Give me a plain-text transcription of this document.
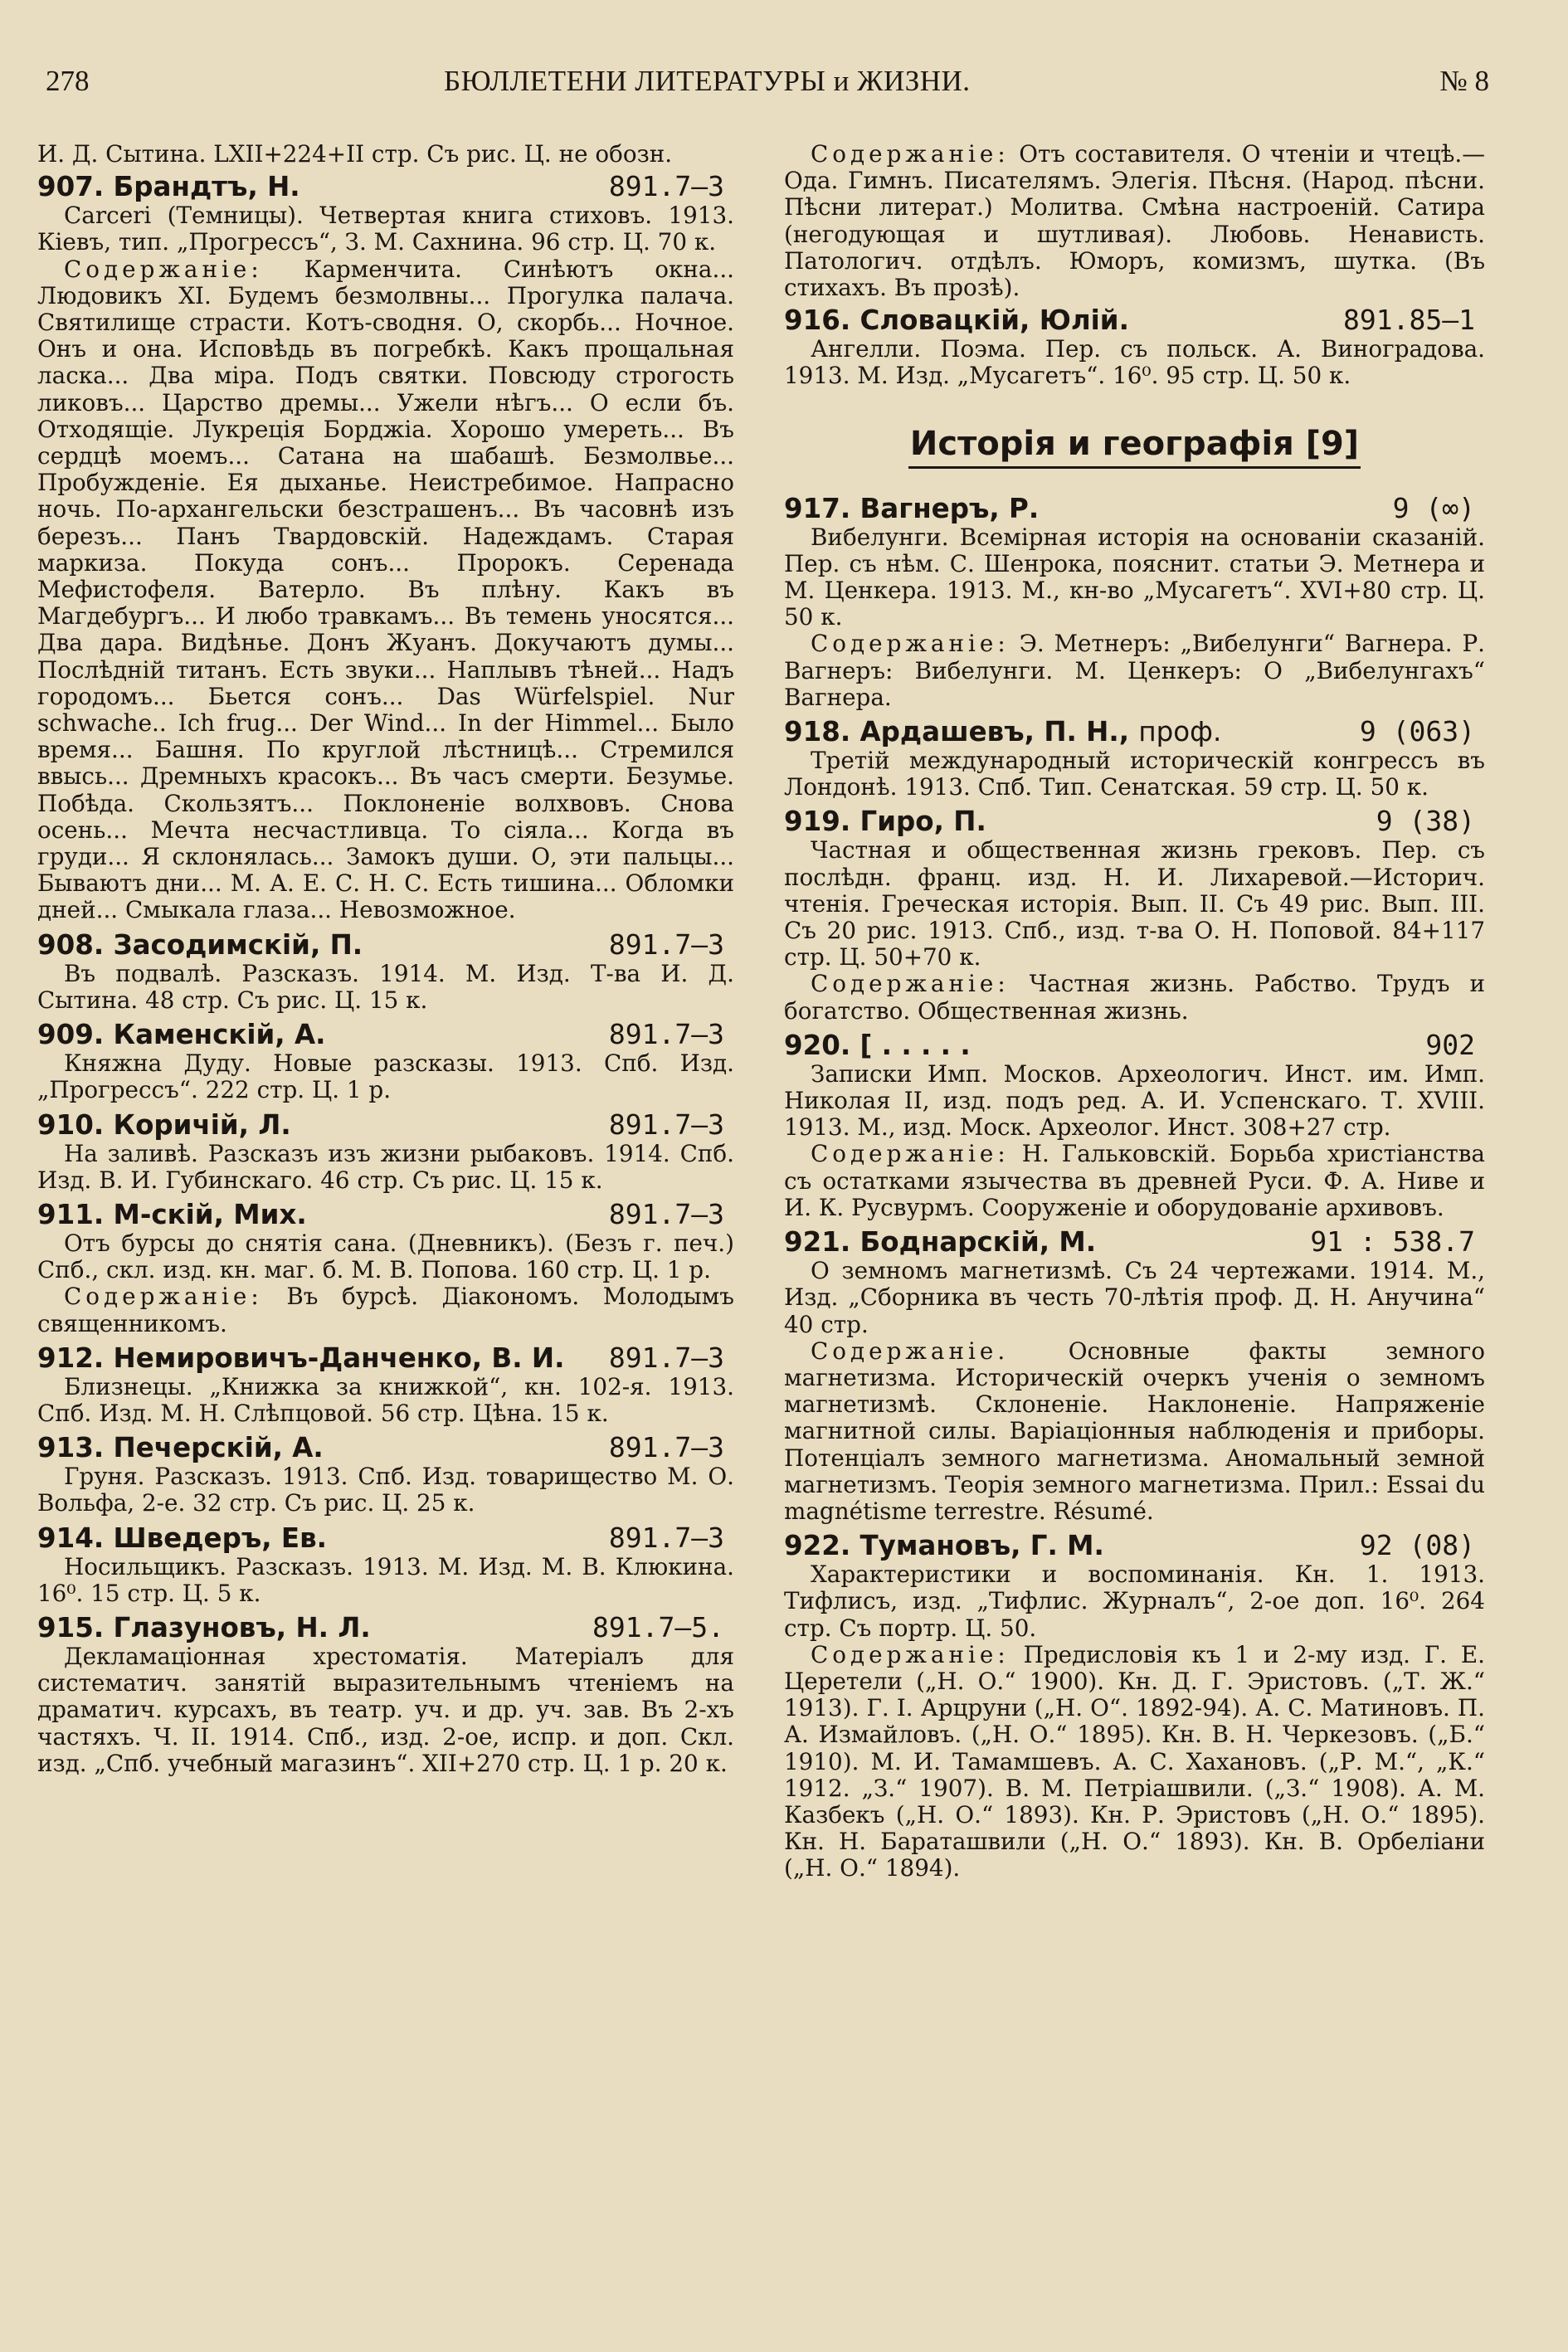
278	БЮЛЛЕТЕНИ ЛИТЕРАТУРЫ и ЖИЗНИ.	№ 8
И. Д. Сытина. LXII+224+II стр. Съ рис. Ц. не обозн.
907. Брандтъ, Н.	891.7—3
Carceri (Темницы). Четвертая книга стиховъ. 1913. Кіевъ, тип. „Прогрессъ“, З. М. Сахнина. 96 стр. Ц. 70 к.
Содержаніе: Карменчита. Синѣютъ окна... Людовикъ XI. Будемъ безмолвны... Прогулка палача. Святилище страсти. Котъ-сводня. О, скорбь... Ночное. Онъ и она. Исповѣдь въ погребкѣ. Какъ прощальная ласка... Два міра. Подъ святки. Повсюду строгость ликовъ... Царство дремы... Ужели нѣгъ... О если бъ. Отходящіе. Лукреція Борджіа. Хорошо умереть... Въ сердцѣ моемъ... Сатана на шабашѣ. Безмолвье... Пробужденіе. Ея дыханье. Неистребимое. Напрасно ночь. По-архангельски безстрашенъ... Въ часовнѣ изъ березъ... Панъ Твардовскій. Надеждамъ. Старая маркиза. Покуда сонъ... Пророкъ. Серенада Мефистофеля. Ватерло. Въ плѣну. Какъ въ Магдебургъ... И любо травкамъ... Въ темень уносятся... Два дара. Видѣнье. Донъ Жуанъ. Докучаютъ думы... Послѣдній титанъ. Есть звуки... Наплывъ тѣней... Надъ городомъ... Бьется сонъ... Das Würfelspiel. Nur schwache.. Ich frug... Der Wind... In der Himmel... Было время... Башня. По круглой лѣстницѣ... Стремился ввысь... Дремныхъ красокъ... Въ часъ смерти. Безумье. Побѣда. Скользятъ... Поклоненіе волхвовъ. Снова осень... Мечта несчастливца. То сіяла... Когда въ груди... Я склонялась... Замокъ души. О, эти пальцы... Бываютъ дни... М. А. Е. С. Н. С. Есть тишина... Обломки дней... Смыкала глаза... Невозможное.
908. Засодимскій, П.	891.7—3
Въ подвалѣ. Разсказъ. 1914. М. Изд. Т-ва И. Д. Сытина. 48 стр. Съ рис. Ц. 15 к.
909. Каменскій, А.	891.7—3
Княжна Дуду. Новые разсказы. 1913. Спб. Изд. „Прогрессъ“. 222 стр. Ц. 1 р.
910. Коричій, Л.	891.7—3
На заливѣ. Разсказъ изъ жизни рыбаковъ. 1914. Спб. Изд. В. И. Губинскаго. 46 стр. Съ рис. Ц. 15 к.
911. М-скій, Мих.	891.7—3
Отъ бурсы до снятія сана. (Дневникъ). (Безъ г. печ.) Спб., скл. изд. кн. маг. б. М. В. Попова. 160 стр. Ц. 1 р.
Содержаніе: Въ бурсѣ. Діакономъ. Молодымъ священникомъ.
912. Немировичъ-Данченко, В. И. 891.7—3
Близнецы. „Книжка за книжкой“, кн. 102-я. 1913. Спб. Изд. М. Н. Слѣпцовой. 56 стр. Цѣна. 15 к.
913. Печерскій, А.	891.7—3
Груня. Разсказъ. 1913. Спб. Изд. товарищество М. О. Вольфа, 2-е. 32 стр. Съ рис. Ц. 25 к.
914. Шведеръ, Ев.	891.7—3
Носильщикъ. Разсказъ. 1913. М. Изд. М. В. Клюкина. 16⁰. 15 стр. Ц. 5 к.
915. Глазуновъ, Н. Л.	891.7—5.
Декламаціонная хрестоматія. Матеріалъ для систематич. занятій выразительнымъ чтеніемъ на драматич. курсахъ, въ театр. уч. и др. уч. зав. Въ 2-хъ частяхъ. Ч. II. 1914. Спб., изд. 2-ое, испр. и доп. Скл. изд. „Спб. учебный магазинъ“. XII+270 стр. Ц. 1 р. 20 к.
Содержаніе: Отъ составителя. О чтеніи и чтецѣ.—Ода. Гимнъ. Писателямъ. Элегія. Пѣсня. (Народ. пѣсни. Пѣсни литерат.) Молитва. Смѣна настроеній. Сатира (негодующая и шутливая). Любовь. Ненависть. Патологич. отдѣлъ. Юморъ, комизмъ, шутка. (Въ стихахъ. Въ прозѣ).
916. Словацкій, Юлій.	891.85—1
Ангелли. Поэма. Пер. съ польск. А. Виноградова. 1913. М. Изд. „Мусагетъ“. 16⁰. 95 стр. Ц. 50 к.
Исторія и географія [9]
917. Вагнеръ, Р.	9 (∞)
Вибелунги. Всемірная исторія на основаніи сказаній. Пер. съ нѣм. С. Шенрока, пояснит. статьи Э. Метнера и М. Ценкера. 1913. М., кн-во „Мусагетъ“. XVI+80 стр. Ц. 50 к.
Содержаніе: Э. Метнеръ: „Вибелунги“ Вагнера. Р. Вагнеръ: Вибелунги. М. Ценкеръ: О „Вибелунгахъ“ Вагнера.
918. Ардашевъ, П. Н., проф.	9 (063)
Третій международный историческій конгрессъ въ Лондонѣ. 1913. Спб. Тип. Сенатская. 59 стр. Ц. 50 к.
919. Гиро, П.	9 (38)
Частная и общественная жизнь грековъ. Пер. съ послѣдн. франц. изд. Н. И. Лихаревой.—Историч. чтенія. Греческая исторія. Вып. II. Съ 49 рис. Вып. III. Съ 20 рис. 1913. Спб., изд. т-ва О. Н. Поповой. 84+117 стр. Ц. 50+70 к.
Содержаніе: Частная жизнь. Рабство. Трудъ и богатство. Общественная жизнь.
920. [ . . . . .	902
Записки Имп. Москов. Археологич. Инст. им. Имп. Николая II, изд. подъ ред. А. И. Успенскаго. Т. XVIII. 1913. М., изд. Моск. Археолог. Инст. 308+27 стр.
Содержаніе: Н. Гальковскій. Борьба христіанства съ остатками язычества въ древней Руси. Ф. А. Ниве и И. К. Русвурмъ. Сооруженіе и оборудованіе архивовъ.
921. Боднарскій, М.	91 : 538.7
О земномъ магнетизмѣ. Съ 24 чертежами. 1914. М., Изд. „Сборника въ честь 70-лѣтія проф. Д. Н. Анучина“ 40 стр.
Содержаніе.	Основные факты земного магнетизма. Историческій очеркъ ученія о земномъ магнетизмѣ. Склоненіе. Наклоненіе. Напряженіе магнитной силы. Варіаціонныя наблюденія и приборы. Потенціалъ земного магнетизма. Аномальный земной магнетизмъ. Теорія земного магнетизма. Прил.: Essai du magnétisme terrestre. Résumé.
922. Тумановъ, Г. М.	92 (08)
Характеристики и воспоминанія. Кн. 1. 1913. Тифлисъ, изд. „Тифлис. Журналъ“, 2-ое доп. 16⁰. 264 стр. Съ портр. Ц. 50.
Содержаніе: Предисловія къ 1 и 2-му изд. Г. Е. Церетели („Н. О.“ 1900). Кн. Д. Г. Эристовъ. („Т. Ж.“ 1913). Г. І. Арцруни („Н. О“. 1892-94). А. С. Матиновъ. П. А. Измайловъ. („Н. О.“ 1895). Кн. В. Н. Черкезовъ. („Б.“ 1910). М. И. Тамамшевъ. А. С. Хахановъ. („Р. М.“, „К.“ 1912. „З.“ 1907). В. М. Петріашвили. („З.“ 1908). А. М. Казбекъ („Н. О.“ 1893). Кн. Р. Эристовъ („Н. О.“ 1895). Кн. Н. Бараташвили („Н. О.“ 1893). Кн. В. Орбеліани („Н. О.“ 1894).
